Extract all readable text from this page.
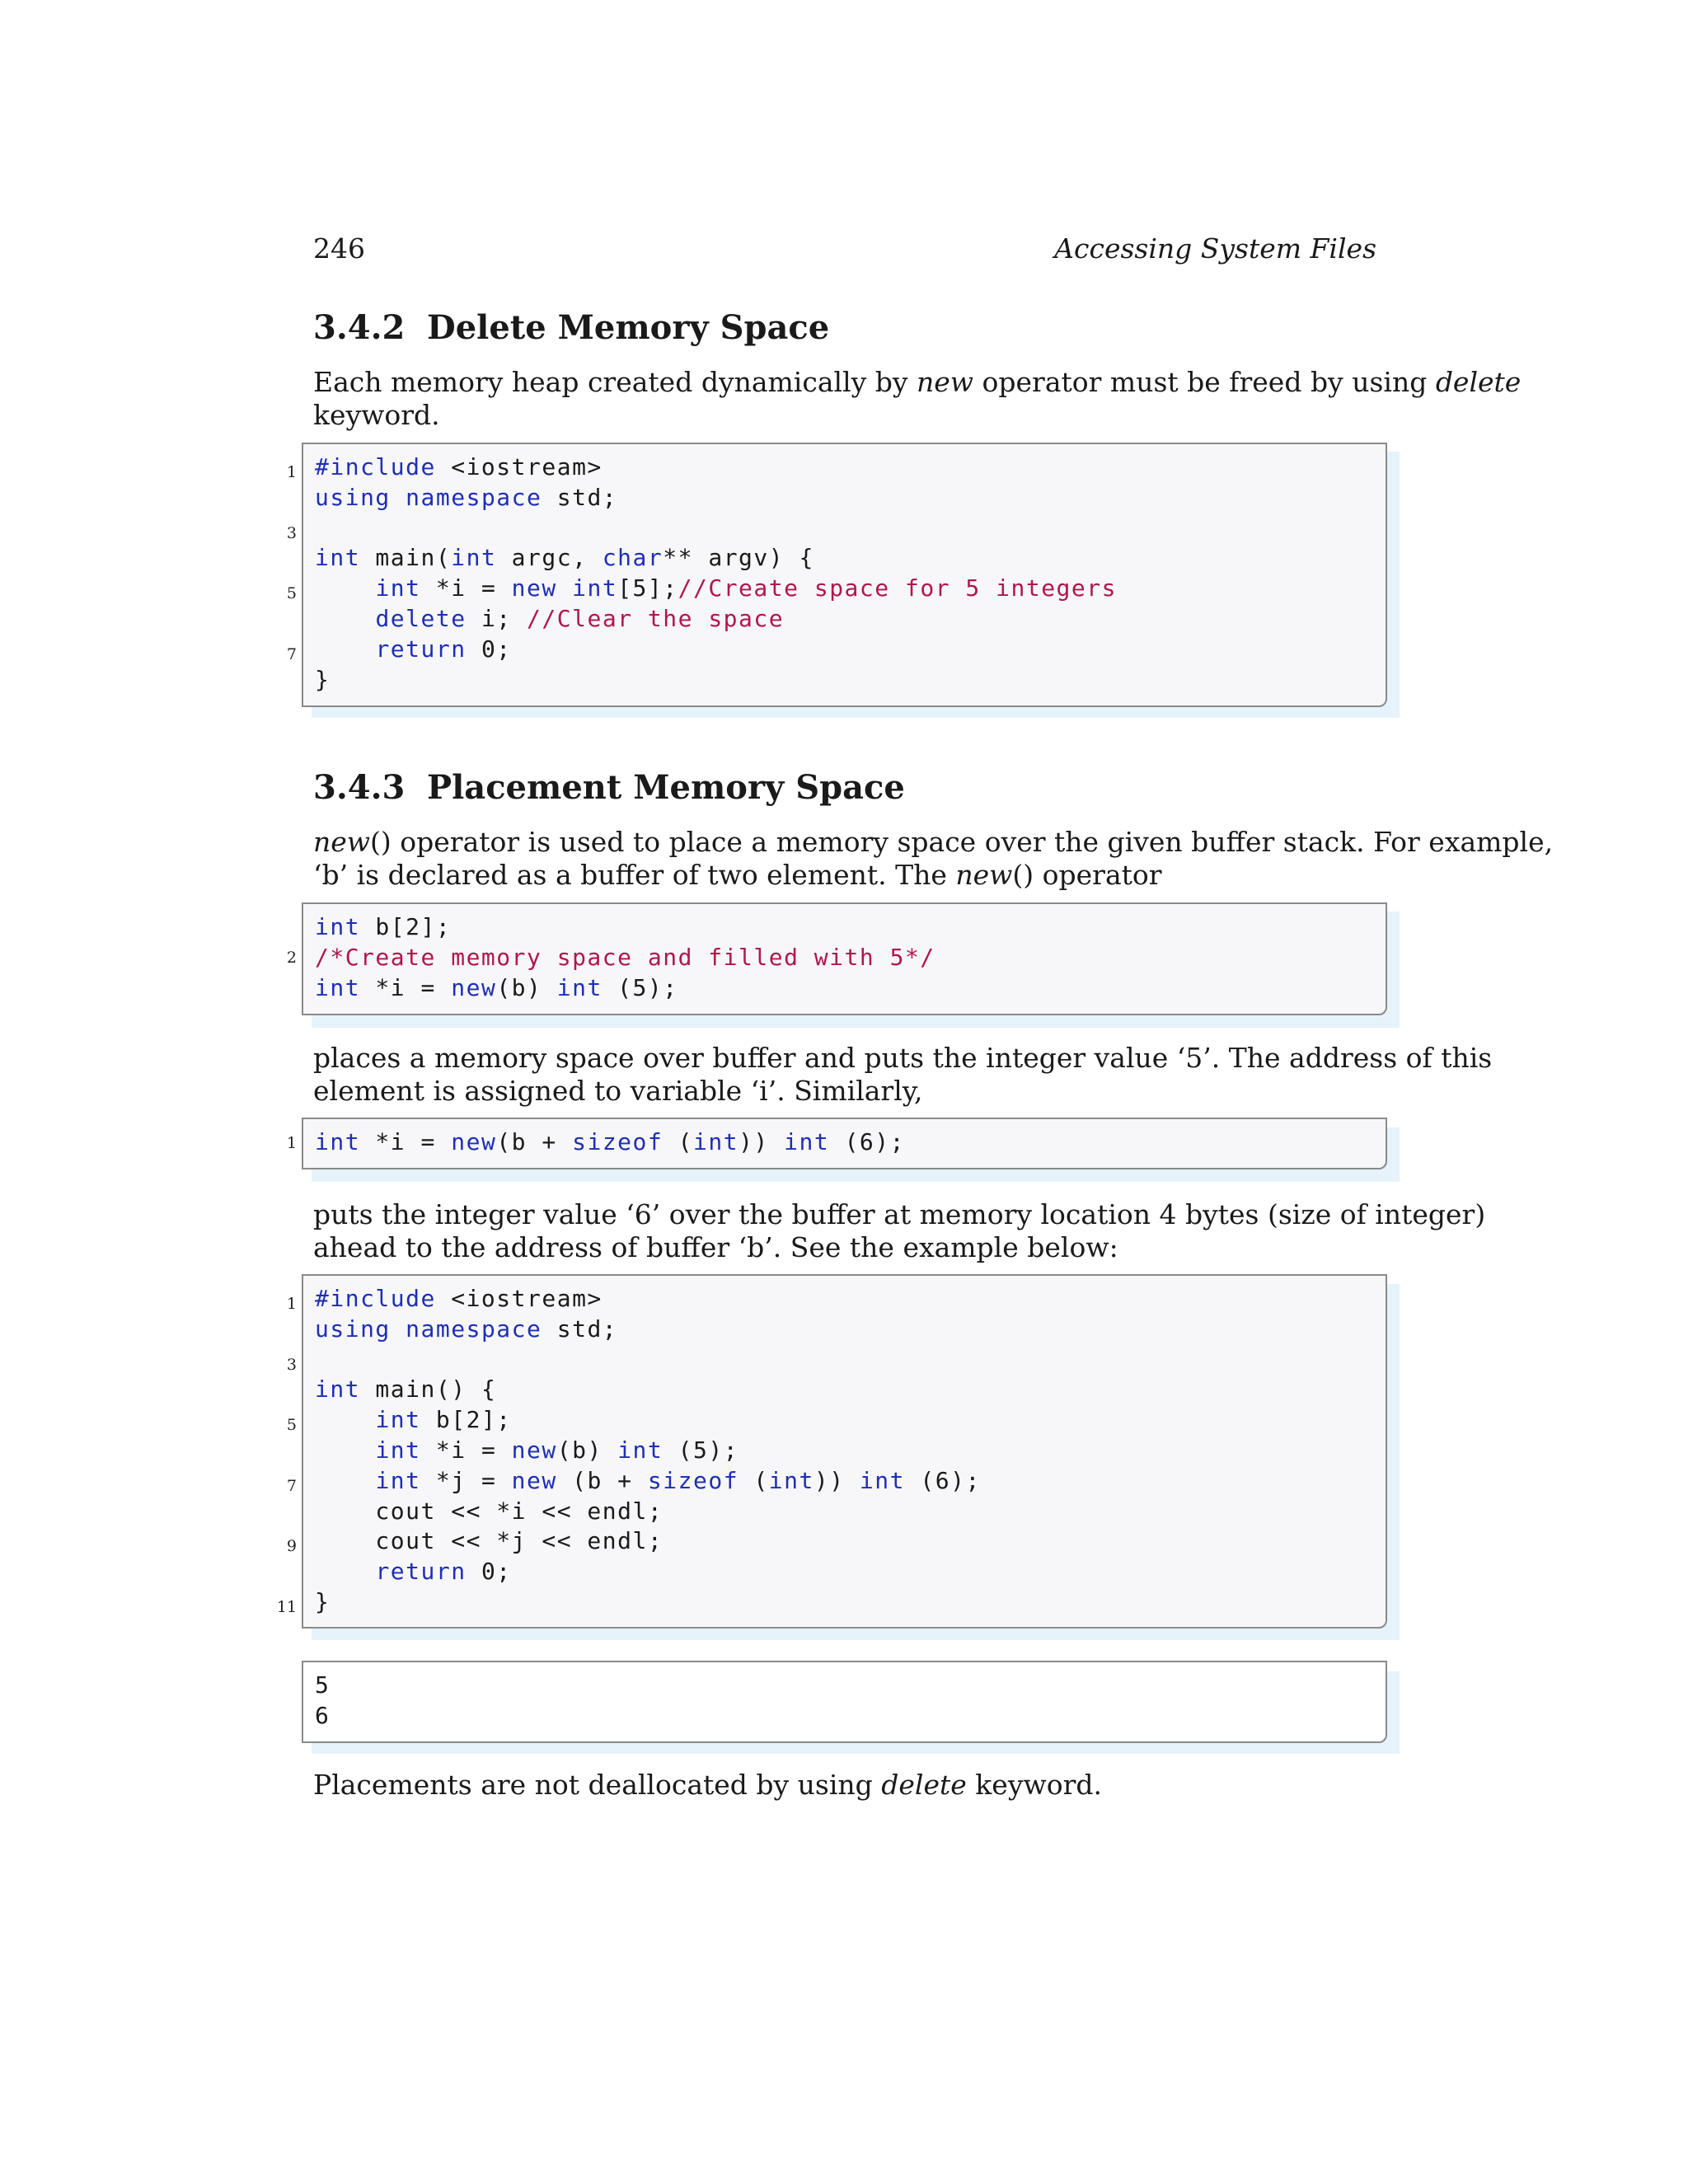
246	Accessing System Files
3.4.2 Delete Memory Space
Each memory heap created dynamically by new operator must be freed by using delete
keyword.
#include <iostream>
using namespace std;

int main(int argc, char** argv) {
int *i = new int[5];//Create space for 5 integers
delete i; //Clear the space
return 0;
}
3.4.3 Placement Memory Space
new() operator is used to place a memory space over the given buffer stack. For example,
‘b’ is declared as a buffer of two element. The new() operator
int b[2];
/*Create memory space and filled with 5*/
int *i = new(b) int (5);
places a memory space over buffer and puts the integer value ‘5’. The address of this
element is assigned to variable ‘i’. Similarly,
int *i = new(b + sizeof (int)) int (6);
puts the integer value ‘6’ over the buffer at memory location 4 bytes (size of integer)
ahead to the address of buffer ‘b’. See the example below:
#include <iostream>
using namespace std;

int main() {
int b[2];
int *i = new(b) int (5);
int *j = new (b + sizeof (int)) int (6);
cout << *i << endl;
cout << *j << endl;
return 0;
}
5
6
Placements are not deallocated by using delete keyword.
1
3
5
7
2
1
1
3
5
7
9
11
